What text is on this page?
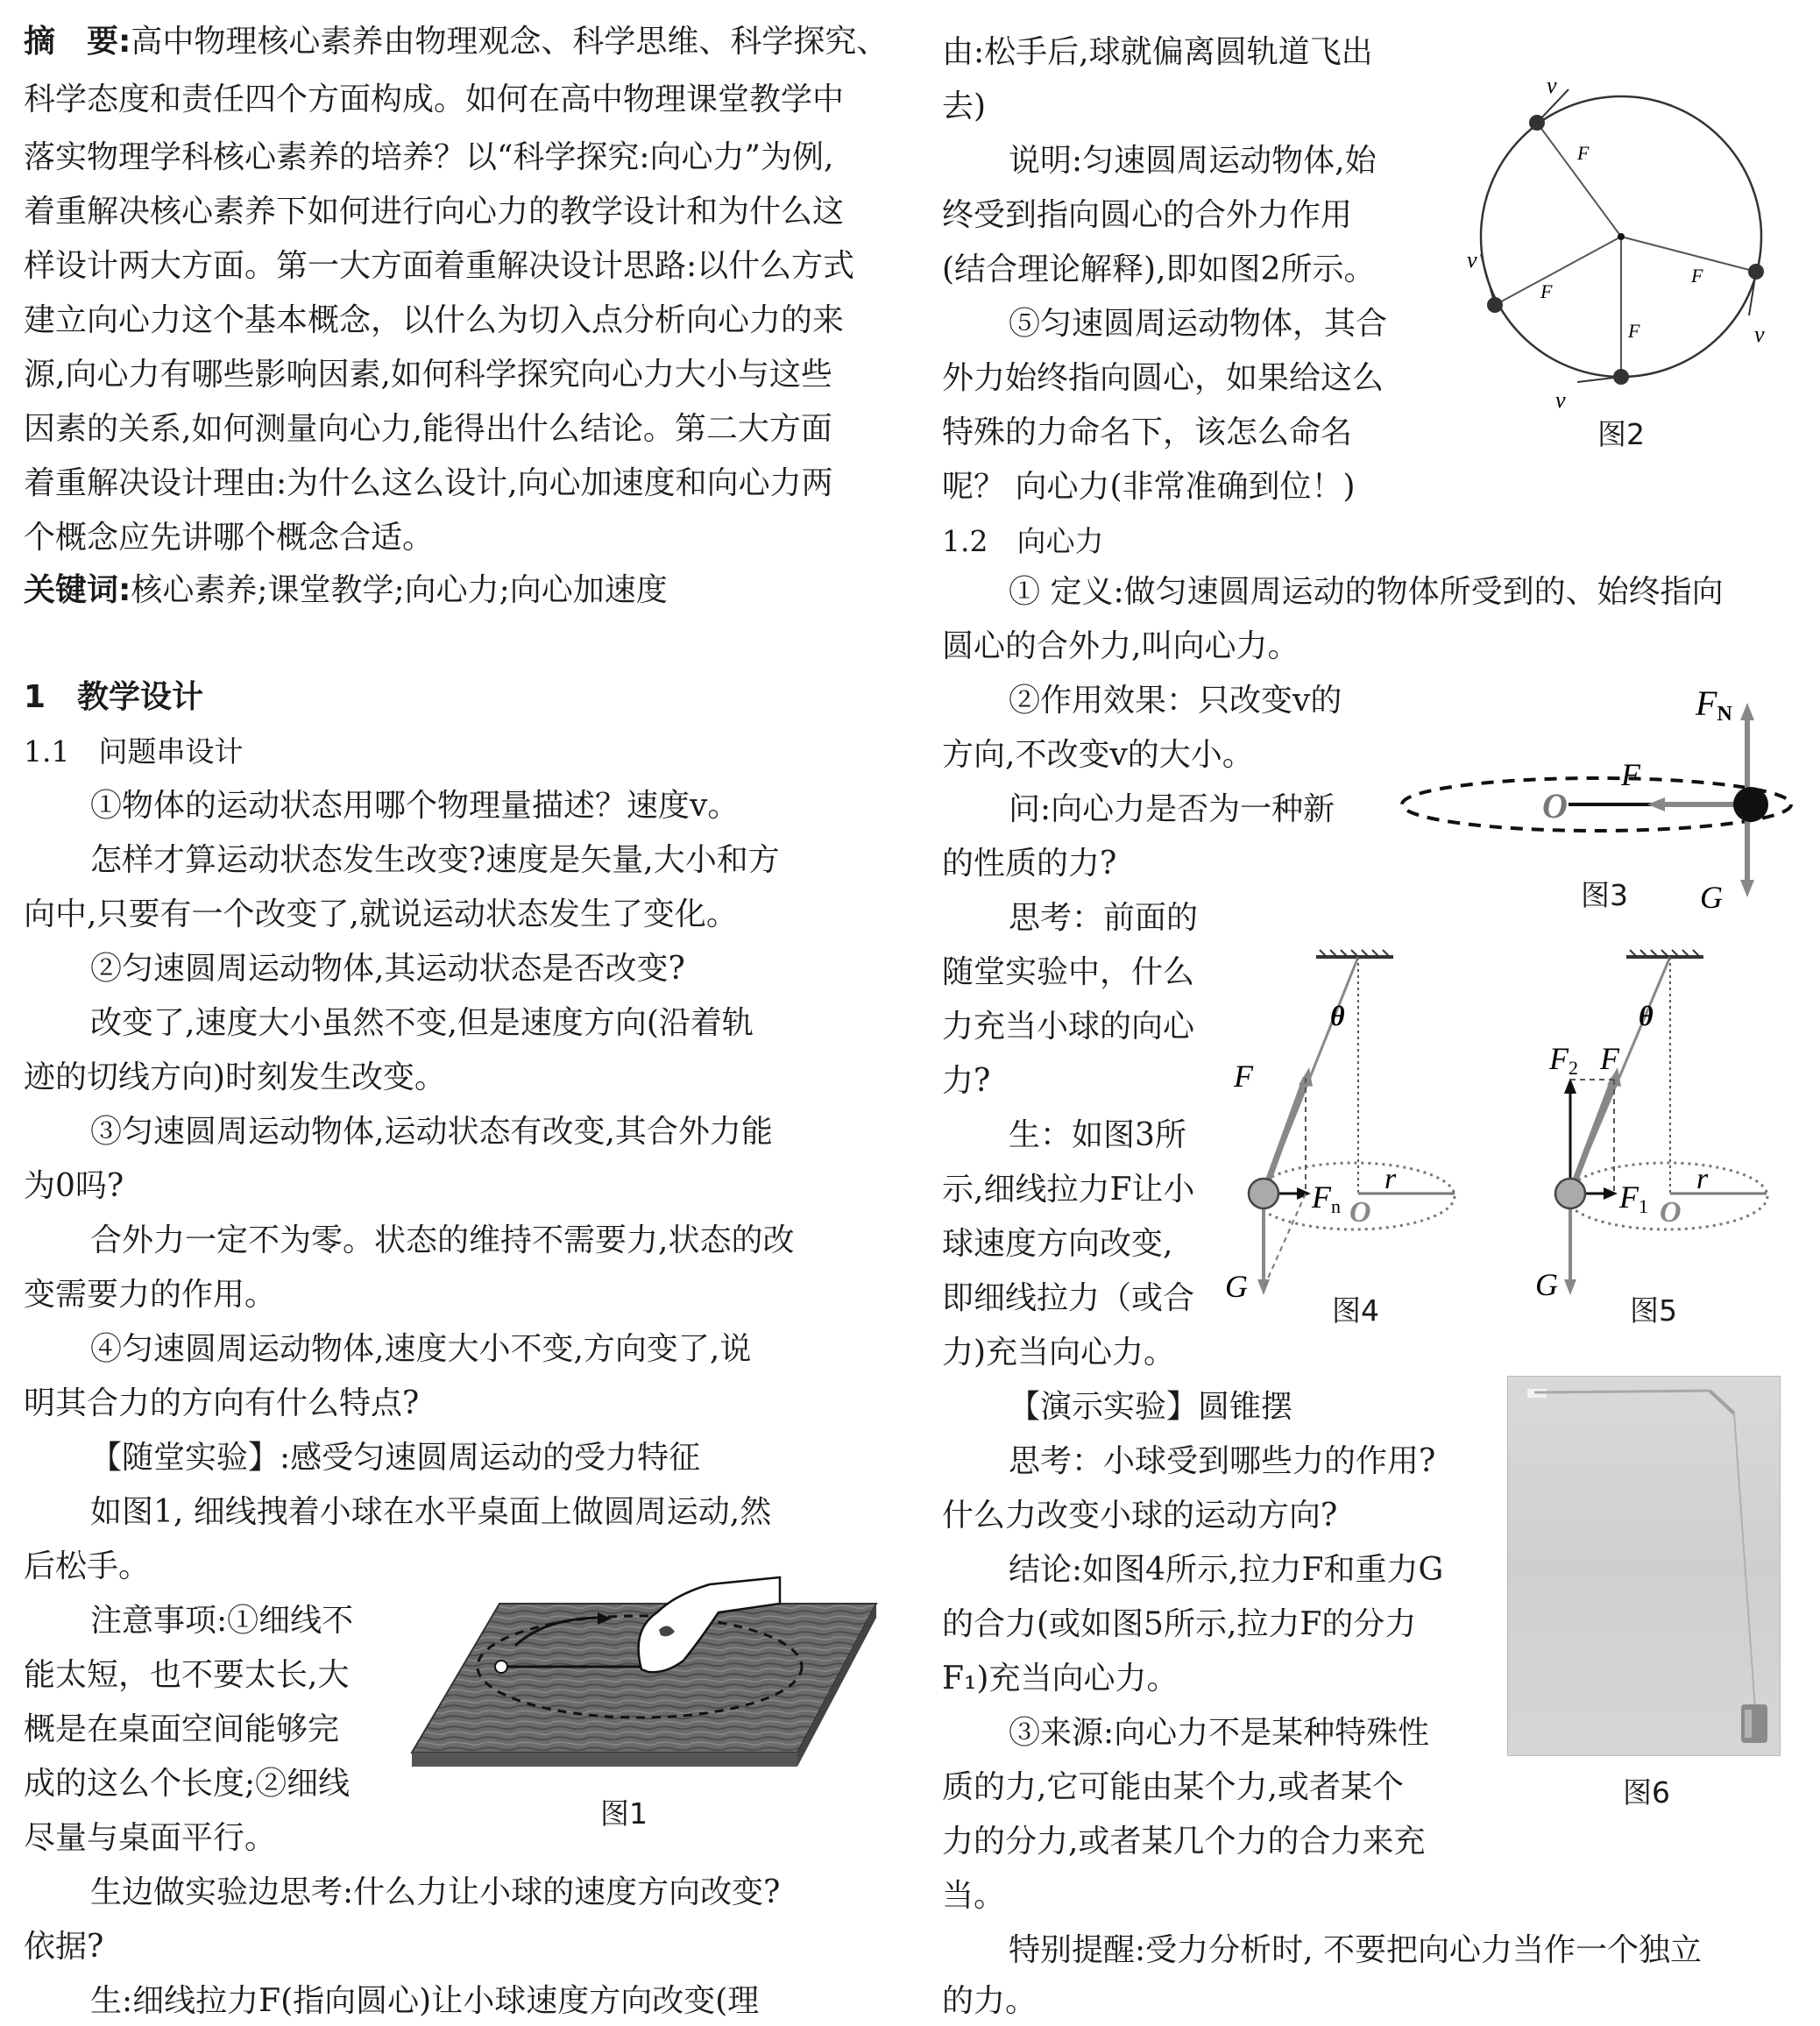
摘　要:高中物理核心素养由物理观念、科学思维、科学探究、
科学态度和责任四个方面构成。如何在高中物理课堂教学中
落实物理学科核心素养的培养？以“科学探究:向心力”为例,
着重解决核心素养下如何进行向心力的教学设计和为什么这
样设计两大方面。第一大方面着重解决设计思路:以什么方式
建立向心力这个基本概念，以什么为切入点分析向心力的来
源,向心力有哪些影响因素,如何科学探究向心力大小与这些
因素的关系,如何测量向心力,能得出什么结论。第二大方面
着重解决设计理由:为什么这么设计,向心加速度和向心力两
个概念应先讲哪个概念合适。
关键词:核心素养;课堂教学;向心力;向心加速度
1　教学设计
1.1　问题串设计
①物体的运动状态用哪个物理量描述？速度v。
怎样才算运动状态发生改变?速度是矢量,大小和方
向中,只要有一个改变了,就说运动状态发生了变化。
②匀速圆周运动物体,其运动状态是否改变?
改变了,速度大小虽然不变,但是速度方向(沿着轨
迹的切线方向)时刻发生改变。
③匀速圆周运动物体,运动状态有改变,其合外力能
为0吗?
合外力一定不为零。状态的维持不需要力,状态的改
变需要力的作用。
④匀速圆周运动物体,速度大小不变,方向变了,说
明其合力的方向有什么特点?
【随堂实验】:感受匀速圆周运动的受力特征
如图1, 细线拽着小球在水平桌面上做圆周运动,然
后松手。
注意事项:①细线不
能太短，也不要太长,大
概是在桌面空间能够完
成的这么个长度;②细线
尽量与桌面平行。
生边做实验边思考:什么力让小球的速度方向改变?
依据?
生:细线拉力F(指向圆心)让小球速度方向改变(理
图1
由:松手后,球就偏离圆轨道飞出
去)
说明:匀速圆周运动物体,始
终受到指向圆心的合外力作用
(结合理论解释),即如图2所示。
⑤匀速圆周运动物体，其合
外力始终指向圆心，如果给这么
特殊的力命名下，该怎么命名
呢？ 向心力(非常准确到位！)
1.2　向心力
① 定义:做匀速圆周运动的物体所受到的、始终指向
圆心的合外力,叫向心力。
②作用效果：只改变v的
方向,不改变v的大小。
问:向心力是否为一种新
的性质的力?
思考：前面的
随堂实验中，什么
力充当小球的向心
力?
生：如图3所
示,细线拉力F让小
球速度方向改变,
即细线拉力（或合
力)充当向心力。
【演示实验】圆锥摆
思考：小球受到哪些力的作用?
什么力改变小球的运动方向?
结论:如图4所示,拉力F和重力G
的合力(或如图5所示,拉力F的分力
F₁)充当向心力。
③来源:向心力不是某种特殊性
质的力,它可能由某个力,或者某个
力的分力,或者某几个力的合力来充
当。
特别提醒:受力分析时, 不要把向心力当作一个独立
的力。
v
v
v
v
F
F
F
F
图2
O
F
FN
G
图3
F
θ
Fn O
r
G
图4
F2 F
θ
F1 O
r
G
图5
图6
